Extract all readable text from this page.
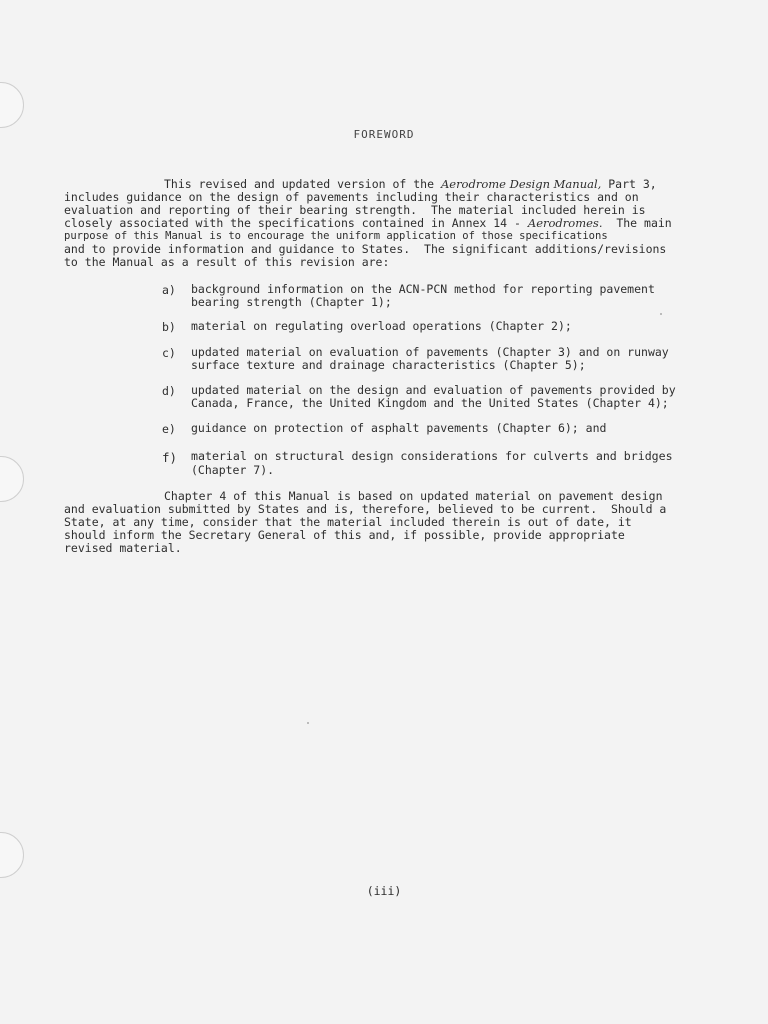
FOREWORD
This revised and updated version of the Aerodrome Design Manual, Part 3,
includes guidance on the design of pavements including their characteristics and on
evaluation and reporting of their bearing strength.  The material included herein is
closely associated with the specifications contained in Annex 14 - Aerodromes.  The main
purpose of this Manual is to encourage the uniform application of those specifications
and to provide information and guidance to States.  The significant additions/revisions
to the Manual as a result of this revision are:
a) background information on the ACN-PCN method for reporting pavement
bearing strength (Chapter 1);
b) material on regulating overload operations (Chapter 2);
c) updated material on evaluation of pavements (Chapter 3) and on runway
surface texture and drainage characteristics (Chapter 5);
d) updated material on the design and evaluation of pavements provided by
Canada, France, the United Kingdom and the United States (Chapter 4);
e) guidance on protection of asphalt pavements (Chapter 6); and
f) material on structural design considerations for culverts and bridges
(Chapter 7).
Chapter 4 of this Manual is based on updated material on pavement design
and evaluation submitted by States and is, therefore, believed to be current.  Should a
State, at any time, consider that the material included therein is out of date, it
should inform the Secretary General of this and, if possible, provide appropriate
revised material.
(iii)
